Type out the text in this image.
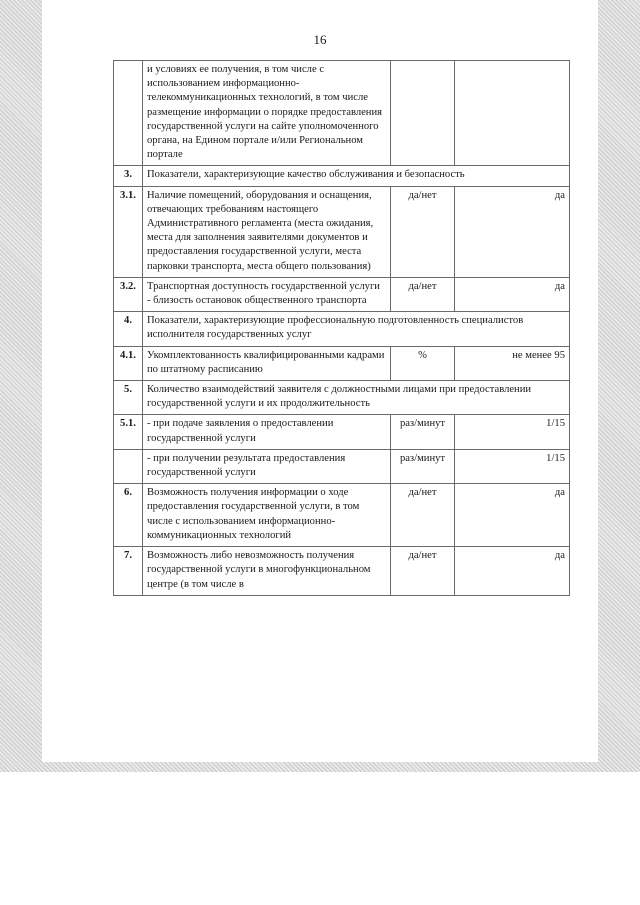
16
	и условиях ее получения, в том числе с использованием информационно-телекоммуникационных технологий, в том числе размещение информации о порядке предоставления государственной услуги на сайте уполномоченного органа, на Едином портале и/или Региональном портале		
3.	Показатели, характеризующие качество обслуживания и безопасность		
3.1.	Наличие помещений, оборудования и оснащения, отвечающих требованиям настоящего Административного регламента (места ожидания, места для заполнения заявителями документов и предоставления государственной услуги, места парковки транспорта, места общего пользования)	да/нет	да
3.2.	Транспортная доступность государственной услуги - близость остановок общественного транспорта	да/нет	да
4.	Показатели, характеризующие профессиональную подготовленность специалистов исполнителя государственных услуг		
4.1.	Укомплектованность квалифицированными кадрами по штатному расписанию	%	не менее 95
5.	Количество взаимодействий заявителя с должностными лицами при предоставлении государственной услуги и их продолжительность		
5.1.	- при подаче заявления о предоставлении государственной услуги	раз/минут	1/15
	- при получении результата предоставления государственной услуги	раз/минут	1/15
6.	Возможность получения информации о ходе предоставления государственной услуги, в том числе с использованием информационно-коммуникационных технологий	да/нет	да
7.	Возможность либо невозможность получения государственной услуги в многофункциональном центре (в том числе в	да/нет	да
